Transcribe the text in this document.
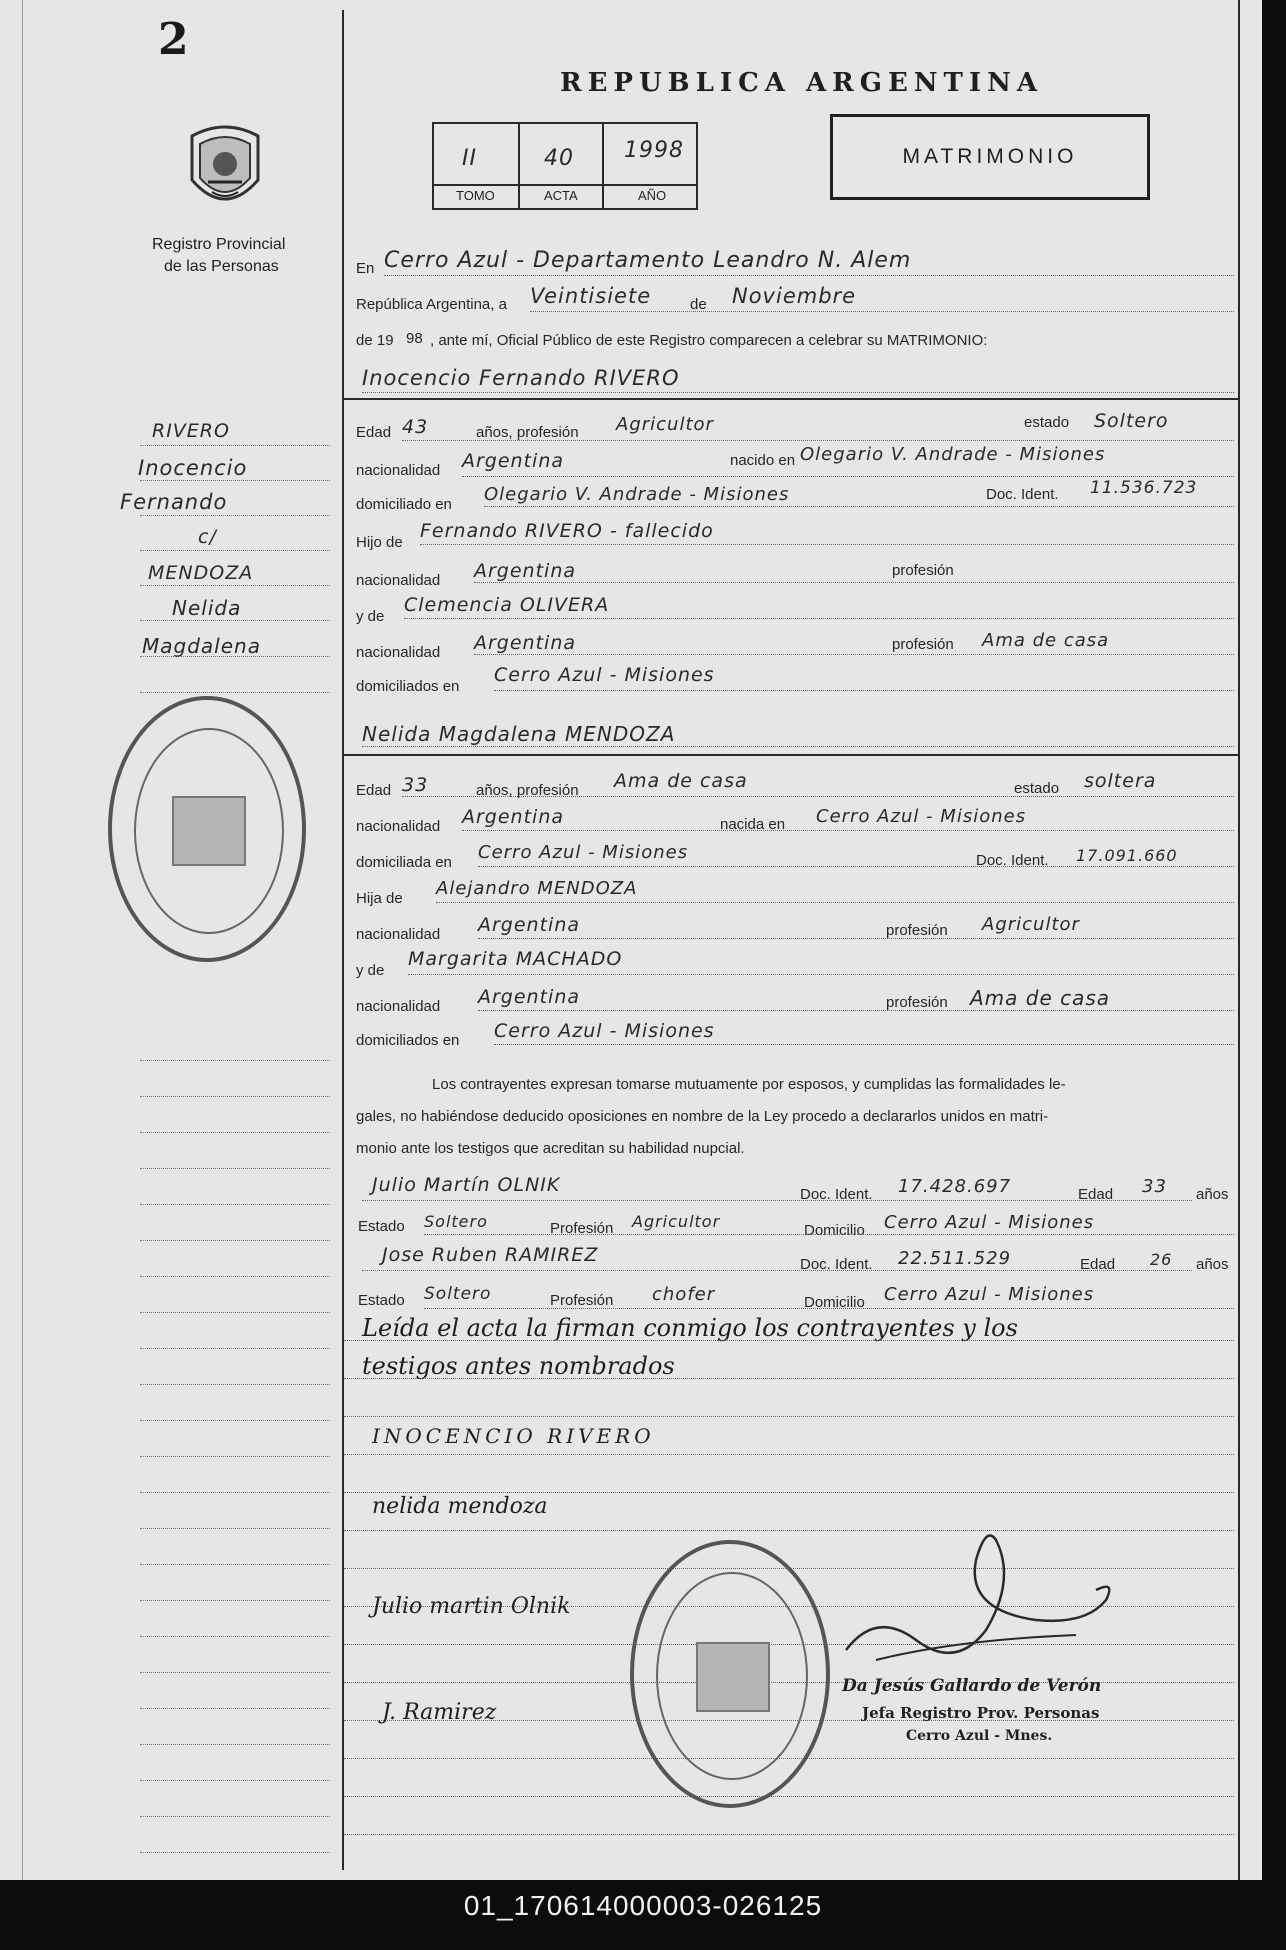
2
Registro Provincial
de las Personas
REPUBLICA ARGENTINA
II	40 1998
TOMO	ACTA	AÑO
MATRIMONIO
En Cerro Azul - Departamento Leandro N. Alem
República Argentina, a Veintisiete	de Noviembre
de 19 98 , ante mí, Oficial Público de este Registro comparecen a celebrar su MATRIMONIO:
RIVERO
Inocencio
Fernando
c/
MENDOZA
Nelida
Magdalena
Inocencio Fernando RIVERO
Edad 43	años, profesión Agricultor	estado Soltero
nacionalidad Argentina	nacido en Olegario V. Andrade - Misiones
domiciliado en Olegario V. Andrade - Misiones	Doc. Ident. 11.536.723
Hijo de
Fernando RIVERO - fallecido
nacionalidad Argentina	profesión
y de
Clemencia OLIVERA
nacionalidad Argentina	profesión Ama de casa
domiciliados en
Cerro Azul - Misiones
Nelida Magdalena MENDOZA
Edad 33	años, profesión Ama de casa	estado soltera
nacionalidad Argentina	nacida en Cerro Azul - Misiones
domiciliada en Cerro Azul - Misiones	Doc. Ident. 17.091.660
Hija de Alejandro MENDOZA
nacionalidad Argentina	profesión Agricultor
y de
Margarita MACHADO
nacionalidad Argentina	profesión Ama de casa
domiciliados en Cerro Azul - Misiones
Los contrayentes expresan tomarse mutuamente por esposos, y cumplidas las formalidades le-
gales, no habiéndose deducido oposiciones en nombre de la Ley procedo a declararlos unidos en matri-
monio ante los testigos que acreditan su habilidad nupcial.
Julio Martín OLNIK	Doc. Ident. 17.428.697	Edad 33 años
Estado Soltero	Profesión Agricultor	Domicilio Cerro Azul - Misiones
Jose Ruben RAMIREZ	Doc. Ident. 22.511.529	Edad 26 años
Estado Soltero	Profesión chofer	Domicilio Cerro Azul - Misiones
Leída el acta la firman conmigo los contrayentes y los
testigos antes nombrados
INOCENCIO RIVERO
nelida mendoza
Julio martin Olnik
J. Ramirez
Da Jesús Gallardo de Verón
Jefa Registro Prov. Personas
Cerro Azul - Mnes.
01_170614000003-026125
